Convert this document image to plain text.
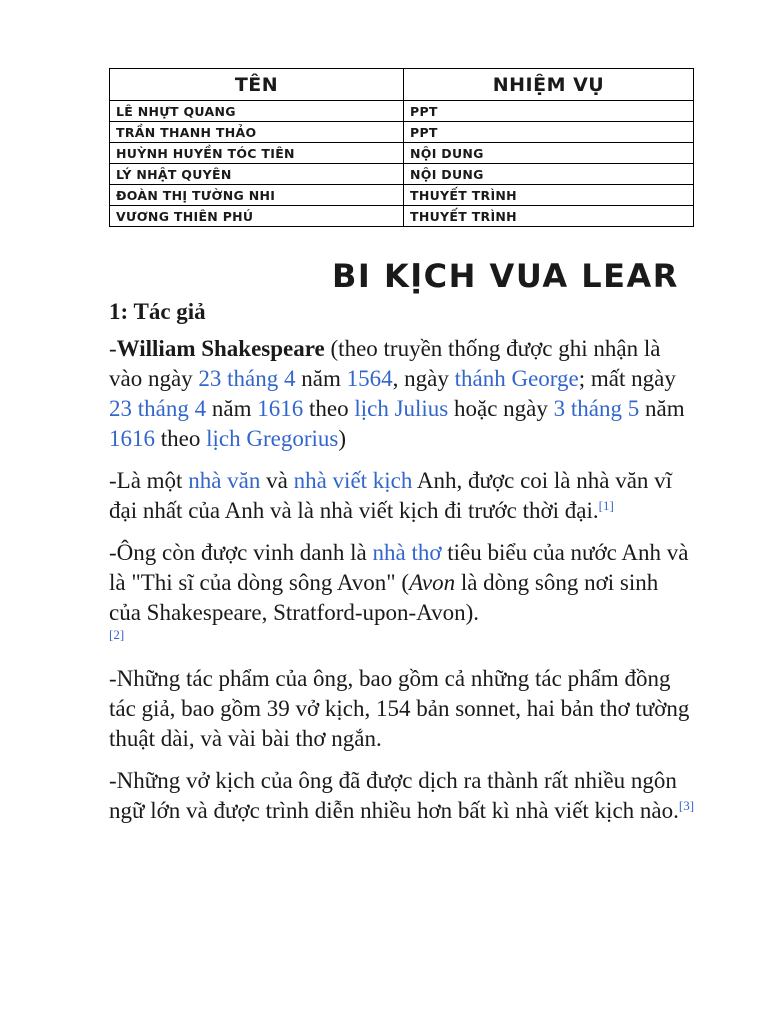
TÊN	NHIỆM VỤ
LÊ NHỰT QUANG	PPT
TRẦN THANH THẢO	PPT
HUỲNH HUYỀN TÓC TIÊN	NỘI DUNG
LÝ NHẬT QUYÊN	NỘI DUNG
ĐOÀN THỊ TƯỜNG NHI	THUYẾT TRÌNH
VƯƠNG THIÊN PHÚ	THUYẾT TRÌNH
BI KỊCH VUA LEAR
1: Tác giả

-William Shakespeare (theo truyền thống được ghi nhận là vào ngày 23 tháng 4 năm 1564, ngày thánh George; mất ngày 23 tháng 4 năm 1616 theo lịch Julius hoặc ngày 3 tháng 5 năm 1616 theo lịch Gregorius)

-Là một nhà văn và nhà viết kịch Anh, được coi là nhà văn vĩ đại nhất của Anh và là nhà viết kịch đi trước thời đại.[1]

-Ông còn được vinh danh là nhà thơ tiêu biểu của nước Anh và là "Thi sĩ của dòng sông Avon" (Avon là dòng sông nơi sinh của Shakespeare, Stratford-upon-Avon).
[2]

-Những tác phẩm của ông, bao gồm cả những tác phẩm đồng tác giả, bao gồm 39 vở kịch, 154 bản sonnet, hai bản thơ tường thuật dài, và vài bài thơ ngắn.

-Những vở kịch của ông đã được dịch ra thành rất nhiều ngôn ngữ lớn và được trình diễn nhiều hơn bất kì nhà viết kịch nào.[3]
